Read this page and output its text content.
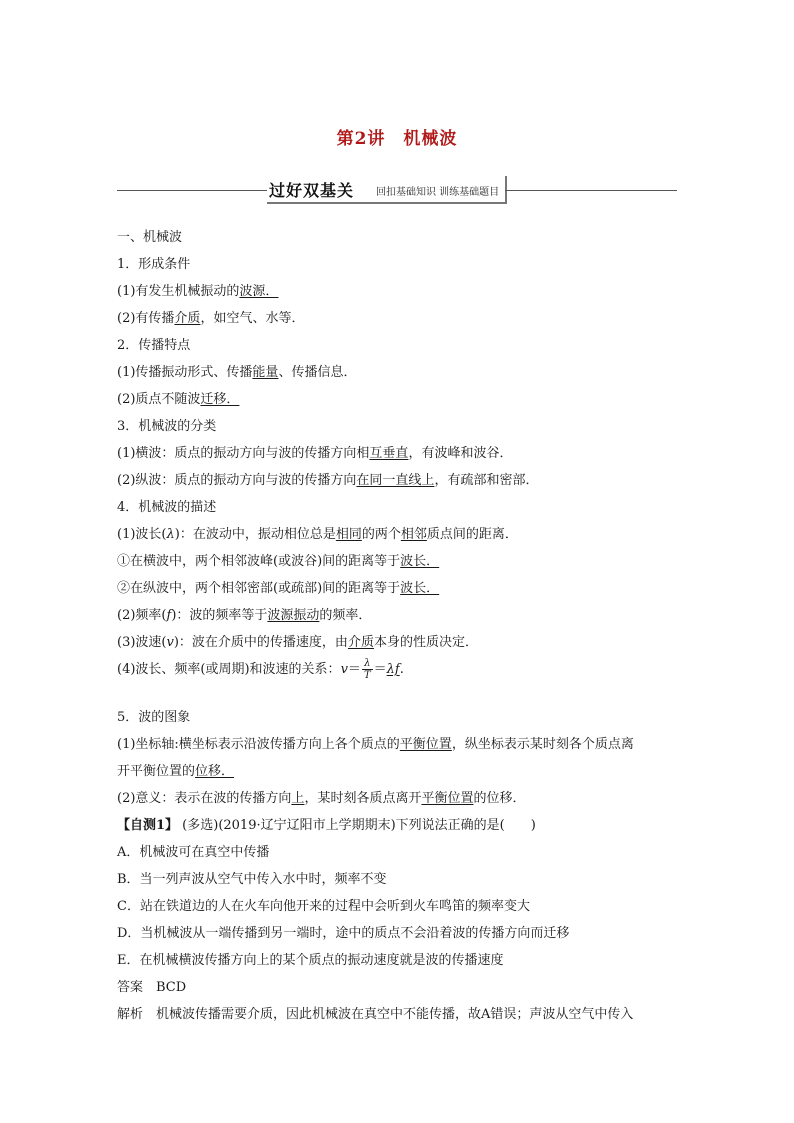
第2讲　机械波
过好双基关 回扣基础知识 训练基础题目
一、机械波
1．形成条件
(1)有发生机械振动的波源．
(2)有传播介质，如空气、水等．
2．传播特点
(1)传播振动形式、传播能量、传播信息．
(2)质点不随波迁移．
3．机械波的分类
(1)横波：质点的振动方向与波的传播方向相互垂直，有波峰和波谷．
(2)纵波：质点的振动方向与波的传播方向在同一直线上，有疏部和密部．
4．机械波的描述
(1)波长(λ)：在波动中，振动相位总是相同的两个相邻质点间的距离．
①在横波中，两个相邻波峰(或波谷)间的距离等于波长．
②在纵波中，两个相邻密部(或疏部)间的距离等于波长．
(2)频率(f)：波的频率等于波源振动的频率．
(3)波速(v)：波在介质中的传播速度，由介质本身的性质决定．
(4)波长、频率(或周期)和波速的关系：$v= \frac{\lambda}{T} =\lambda f$.
5．波的图象
(1)坐标轴:横坐标表示沿波传播方向上各个质点的平衡位置，纵坐标表示某时刻各个质点离
开平衡位置的位移．
(2)意义：表示在波的传播方向上，某时刻各质点离开平衡位置的位移．
【自测1】 (多选)(2019·辽宁辽阳市上学期期末)下列说法正确的是(　　)
A．机械波可在真空中传播
B．当一列声波从空气中传入水中时，频率不变
C．站在铁道边的人在火车向他开来的过程中会听到火车鸣笛的频率变大
D．当机械波从一端传播到另一端时，途中的质点不会沿着波的传播方向而迁移
E．在机械横波传播方向上的某个质点的振动速度就是波的传播速度
答案　BCD
解析　机械波传播需要介质，因此机械波在真空中不能传播，故A错误；声波从空气中传入
